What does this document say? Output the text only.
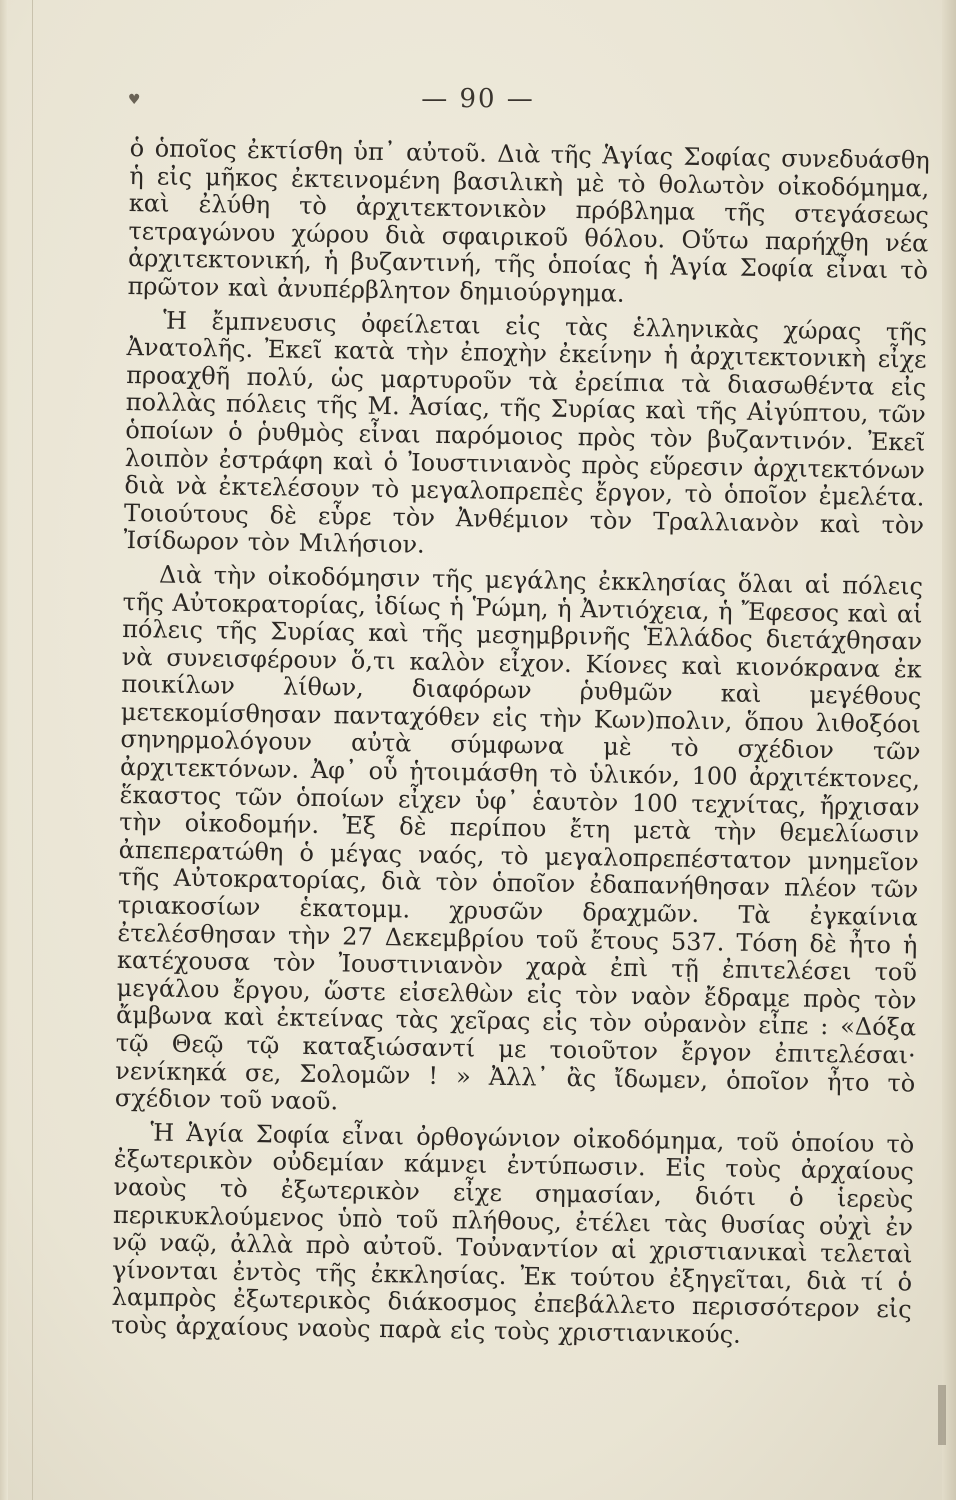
♥	— 90 —

ὁ ὁποῖος ἐκτίσθη ὑπ᾽ αὐτοῦ. Διὰ τῆς Ἁγίας Σοφίας συνεδυάσθη ἡ εἰς μῆκος ἐκτεινομένη βασιλικὴ μὲ τὸ θολωτὸν οἰκοδόμημα, καὶ ἐλύθη τὸ ἀρχιτεκτονικὸν πρόβλημα τῆς στεγάσεως τετραγώνου χώρου διὰ σφαιρικοῦ θόλου. Οὕτω παρήχθη νέα ἀρχιτεκτονική, ἡ βυζαντινή, τῆς ὁποίας ἡ Ἁγία Σοφία εἶναι τὸ πρῶτον καὶ ἀνυπέρβλητον δημιούργημα.

Ἡ ἔμπνευσις ὀφείλεται εἰς τὰς ἑλληνικὰς χώρας τῆς Ἀνατολῆς. Ἐκεῖ κατὰ τὴν ἐποχὴν ἐκείνην ἡ ἀρχιτεκτονικὴ εἶχε προαχθῆ πολύ, ὡς μαρτυροῦν τὰ ἐρείπια τὰ διασωθέντα εἰς πολλὰς πόλεις τῆς Μ. Ἀσίας, τῆς Συρίας καὶ τῆς Αἰγύπτου, τῶν ὁποίων ὁ ῥυθμὸς εἶναι παρόμοιος πρὸς τὸν βυζαντινόν. Ἐκεῖ λοιπὸν ἐστράφη καὶ ὁ Ἰουστινιανὸς πρὸς εὕρεσιν ἀρχιτεκτόνων διὰ νὰ ἐκτελέσουν τὸ μεγαλοπρεπὲς ἔργον, τὸ ὁποῖον ἐμελέτα. Τοιούτους δὲ εὗρε τὸν Ἀνθέμιον τὸν Τραλλιανὸν καὶ τὸν Ἰσίδωρον τὸν Μιλήσιον.

Διὰ τὴν οἰκοδόμησιν τῆς μεγάλης ἐκκλησίας ὅλαι αἱ πόλεις τῆς Αὐτοκρατορίας, ἰδίως ἡ Ῥώμη, ἡ Ἀντιόχεια, ἡ Ἔφεσος καὶ αἱ πόλεις τῆς Συρίας καὶ τῆς μεσημβρινῆς Ἑλλάδος διετάχθησαν νὰ συνεισφέρουν ὅ,τι καλὸν εἶχον. Κίονες καὶ κιονόκρανα ἐκ ποικίλων λίθων, διαφόρων ῥυθμῶν καὶ μεγέθους μετεκομίσθησαν πανταχόθεν εἰς τὴν Κων)πολιν, ὅπου λιθοξόοι σηνηρμολόγουν αὐτὰ σύμφωνα μὲ τὸ σχέδιον τῶν ἀρχιτεκτόνων. Ἀφ᾽ οὗ ἡτοιμάσθη τὸ ὑλικόν, 100 ἀρχιτέκτονες, ἕκαστος τῶν ὁποίων εἶχεν ὑφ᾽ ἑαυτὸν 100 τεχνίτας, ἤρχισαν τὴν οἰκοδομήν. Ἐξ δὲ περίπου ἔτη μετὰ τὴν θεμελίωσιν ἀπεπερατώθη ὁ μέγας ναός, τὸ μεγαλοπρεπέστατον μνημεῖον τῆς Αὐτοκρατορίας, διὰ τὸν ὁποῖον ἐδαπανήθησαν πλέον τῶν τριακοσίων ἑκατομμ. χρυσῶν δραχμῶν. Τὰ ἐγκαίνια ἐτελέσθησαν τὴν 27 Δεκεμβρίου τοῦ ἔτους 537. Τόση δὲ ἦτο ἡ κατέχουσα τὸν Ἰουστινιανὸν χαρὰ ἐπὶ τῇ ἐπιτελέσει τοῦ μεγάλου ἔργου, ὥστε εἰσελθὼν εἰς τὸν ναὸν ἔδραμε πρὸς τὸν ἄμβωνα καὶ ἐκτείνας τὰς χεῖρας εἰς τὸν οὐρανὸν εἶπε : «Δόξα τῷ Θεῷ τῷ καταξιώσαντί με τοιοῦτον ἔργον ἐπιτελέσαι· νενίκηκά σε, Σολομῶν ! » Ἀλλ᾽ ἂς ἴδωμεν, ὁποῖον ἦτο τὸ σχέδιον τοῦ ναοῦ.

Ἡ Ἁγία Σοφία εἶναι ὀρθογώνιον οἰκοδόμημα, τοῦ ὁποίου τὸ ἐξωτερικὸν οὐδεμίαν κάμνει ἐντύπωσιν. Εἰς τοὺς ἀρχαίους ναοὺς τὸ ἐξωτερικὸν εἶχε σημασίαν, διότι ὁ ἱερεὺς περικυκλούμενος ὑπὸ τοῦ πλήθους, ἐτέλει τὰς θυσίας οὐχὶ ἐν νῷ ναῷ, ἀλλὰ πρὸ αὐτοῦ. Τοὐναντίον αἱ χριστιανικαὶ τελεταὶ γίνονται ἐντὸς τῆς ἐκκλησίας. Ἐκ τούτου ἐξηγεῖται, διὰ τί ὁ λαμπρὸς ἐξωτερικὸς διάκοσμος ἐπεβάλλετο περισσότερον εἰς τοὺς ἀρχαίους ναοὺς παρὰ εἰς τοὺς χριστιανικούς.
